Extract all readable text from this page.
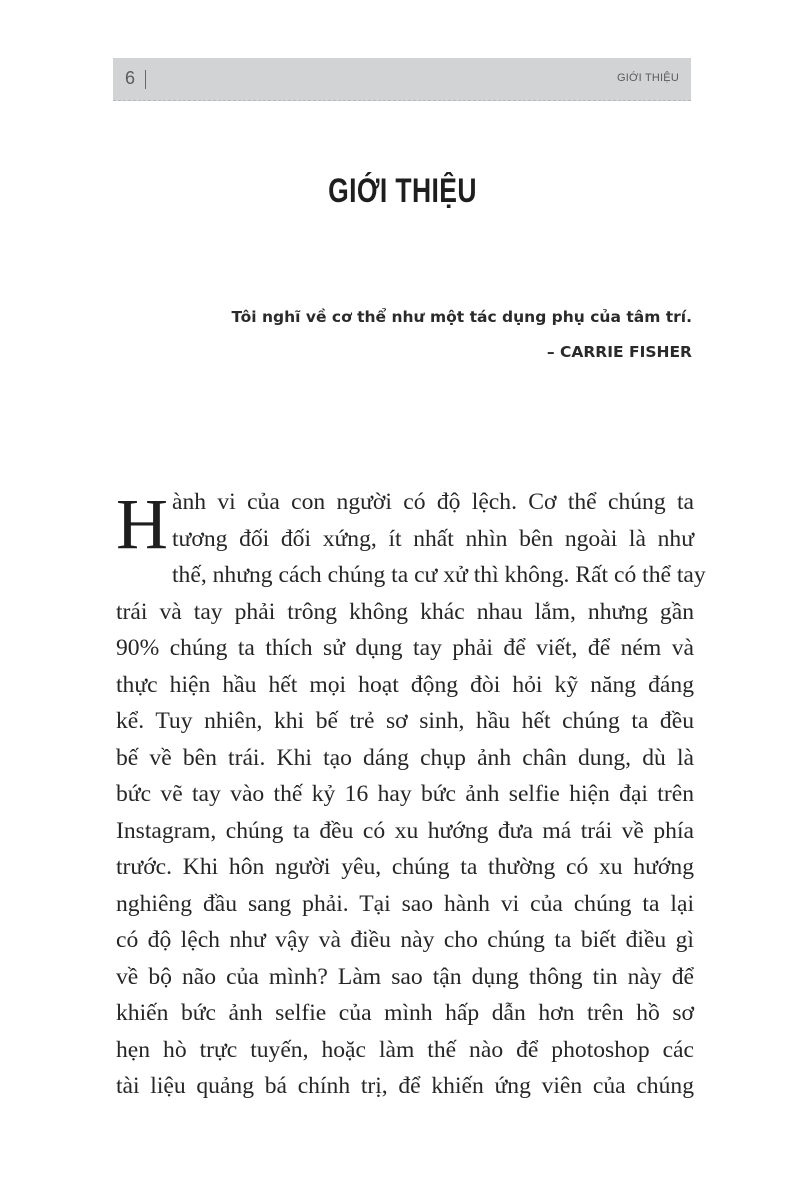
6	GIỚI THIỆU
GIỚI THIỆU
Tôi nghĩ về cơ thể như một tác dụng phụ của tâm trí.
– CARRIE FISHER
H ành vi của con người có độ lệch. Cơ thể chúng ta
tương đối đối xứng, ít nhất nhìn bên ngoài là như
thế, nhưng cách chúng ta cư xử thì không. Rất có thể tay
trái và tay phải trông không khác nhau lắm, nhưng gần
90% chúng ta thích sử dụng tay phải để viết, để ném và
thực hiện hầu hết mọi hoạt động đòi hỏi kỹ năng đáng
kể. Tuy nhiên, khi bế trẻ sơ sinh, hầu hết chúng ta đều
bế về bên trái. Khi tạo dáng chụp ảnh chân dung, dù là
bức vẽ tay vào thế kỷ 16 hay bức ảnh selfie hiện đại trên
Instagram, chúng ta đều có xu hướng đưa má trái về phía
trước. Khi hôn người yêu, chúng ta thường có xu hướng
nghiêng đầu sang phải. Tại sao hành vi của chúng ta lại
có độ lệch như vậy và điều này cho chúng ta biết điều gì
về bộ não của mình? Làm sao tận dụng thông tin này để
khiến bức ảnh selfie của mình hấp dẫn hơn trên hồ sơ
hẹn hò trực tuyến, hoặc làm thế nào để photoshop các
tài liệu quảng bá chính trị, để khiến ứng viên của chúng
